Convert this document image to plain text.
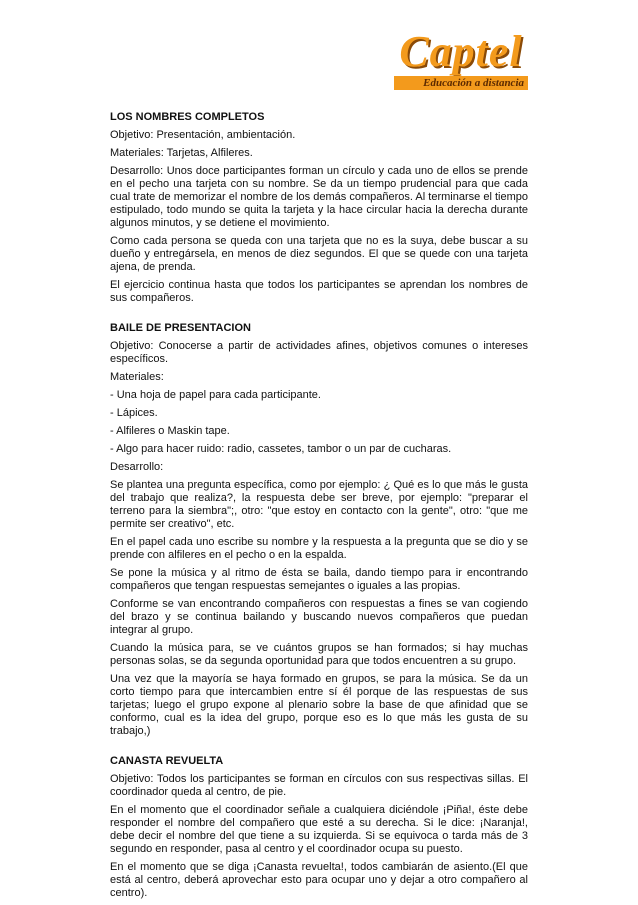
Captel
Educación a distancia
LOS NOMBRES COMPLETOS
Objetivo: Presentación, ambientación.
Materiales: Tarjetas, Alfileres.
Desarrollo: Unos doce participantes forman un círculo y cada uno de ellos se prende en el pecho una tarjeta con su nombre. Se da un tiempo prudencial para que cada cual trate de memorizar el nombre de los demás compañeros. Al terminarse el tiempo estipulado, todo mundo se quita la tarjeta y la hace circular hacia la derecha durante algunos minutos, y se detiene el movimiento.
Como cada persona se queda con una tarjeta que no es la suya, debe buscar a su dueño y entregársela, en menos de diez segundos. El que se quede con una tarjeta ajena, de prenda.
El ejercicio continua hasta que todos los participantes se aprendan los nombres de sus compañeros.
BAILE DE PRESENTACION
Objetivo: Conocerse a partir de actividades afines, objetivos comunes o intereses específicos.
Materiales:
- Una hoja de papel para cada participante.
- Lápices.
- Alfileres o Maskin tape.
- Algo para hacer ruido: radio, cassetes, tambor o un par de cucharas.
Desarrollo:
Se plantea una pregunta específica, como por ejemplo: ¿ Qué es lo que más le gusta del trabajo que realiza?, la respuesta debe ser breve, por ejemplo: "preparar el terreno para la siembra";, otro: "que estoy en contacto con la gente", otro: "que me permite ser creativo", etc.
En el papel cada uno escribe su nombre y la respuesta a la pregunta que se dio y se prende con alfileres en el pecho o en la espalda.
Se pone la música y al ritmo de ésta se baila, dando tiempo para ir encontrando compañeros que tengan respuestas semejantes o iguales a las propias.
Conforme se van encontrando compañeros con respuestas a fines se van cogiendo del brazo y se continua bailando y buscando nuevos compañeros que puedan integrar al grupo.
Cuando la música para, se ve cuántos grupos se han formados; si hay muchas personas solas, se da segunda oportunidad para que todos encuentren a su grupo.
Una vez que la mayoría se haya formado en grupos, se para la música. Se da un corto tiempo para que intercambien entre sí él porque de las respuestas de sus tarjetas; luego el grupo expone al plenario sobre la base de que afinidad que se conformo, cual es la idea del grupo, porque eso es lo que más les gusta de su trabajo,)
CANASTA REVUELTA
Objetivo: Todos los participantes se forman en círculos con sus respectivas sillas. El coordinador queda al centro, de pie.
En el momento que el coordinador señale a cualquiera diciéndole ¡Piña!, éste debe responder el nombre del compañero que esté a su derecha. Si le dice: ¡Naranja!, debe decir el nombre del que tiene a su izquierda. Si se equivoca o tarda más de 3 segundo en responder, pasa al centro y el coordinador ocupa su puesto.
En el momento que se diga ¡Canasta revuelta!, todos cambiarán de asiento.(El que está al centro, deberá aprovechar esto para ocupar uno y dejar a otro compañero al centro).
